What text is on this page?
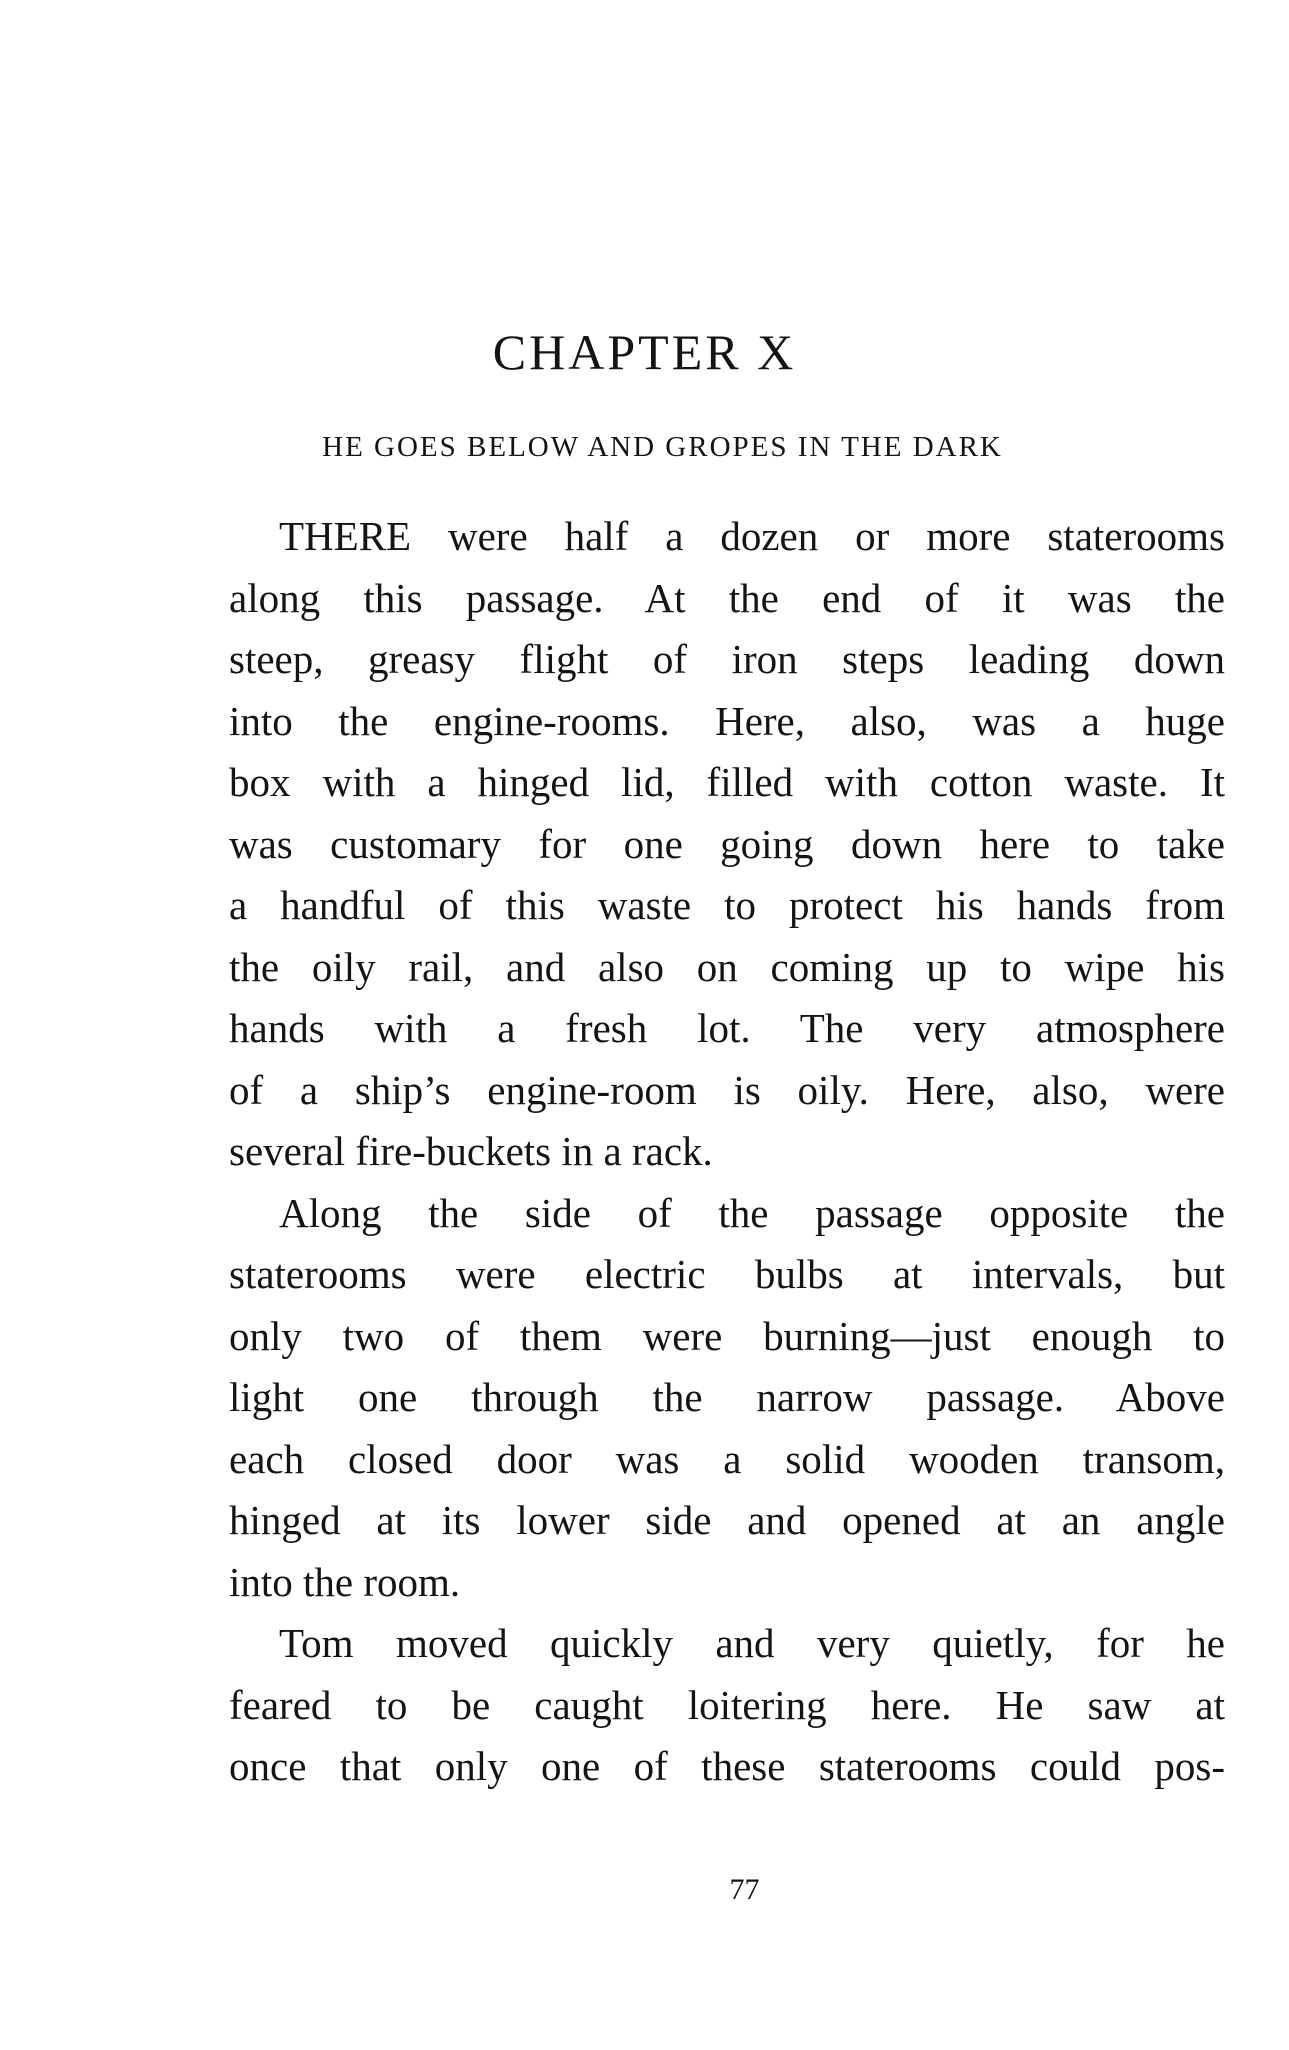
CHAPTER X
HE GOES BELOW AND GROPES IN THE DARK
THERE were half a dozen or more staterooms
along this passage. At the end of it was the
steep, greasy flight of iron steps leading down
into the engine-rooms. Here, also, was a huge
box with a hinged lid, filled with cotton waste. It
was customary for one going down here to take
a handful of this waste to protect his hands from
the oily rail, and also on coming up to wipe his
hands with a fresh lot. The very atmosphere
of a ship’s engine-room is oily. Here, also, were
several fire-buckets in a rack.
Along the side of the passage opposite the
staterooms were electric bulbs at intervals, but
only two of them were burning—just enough to
light one through the narrow passage. Above
each closed door was a solid wooden transom,
hinged at its lower side and opened at an angle
into the room.
Tom moved quickly and very quietly, for he
feared to be caught loitering here. He saw at
once that only one of these staterooms could pos-
77
